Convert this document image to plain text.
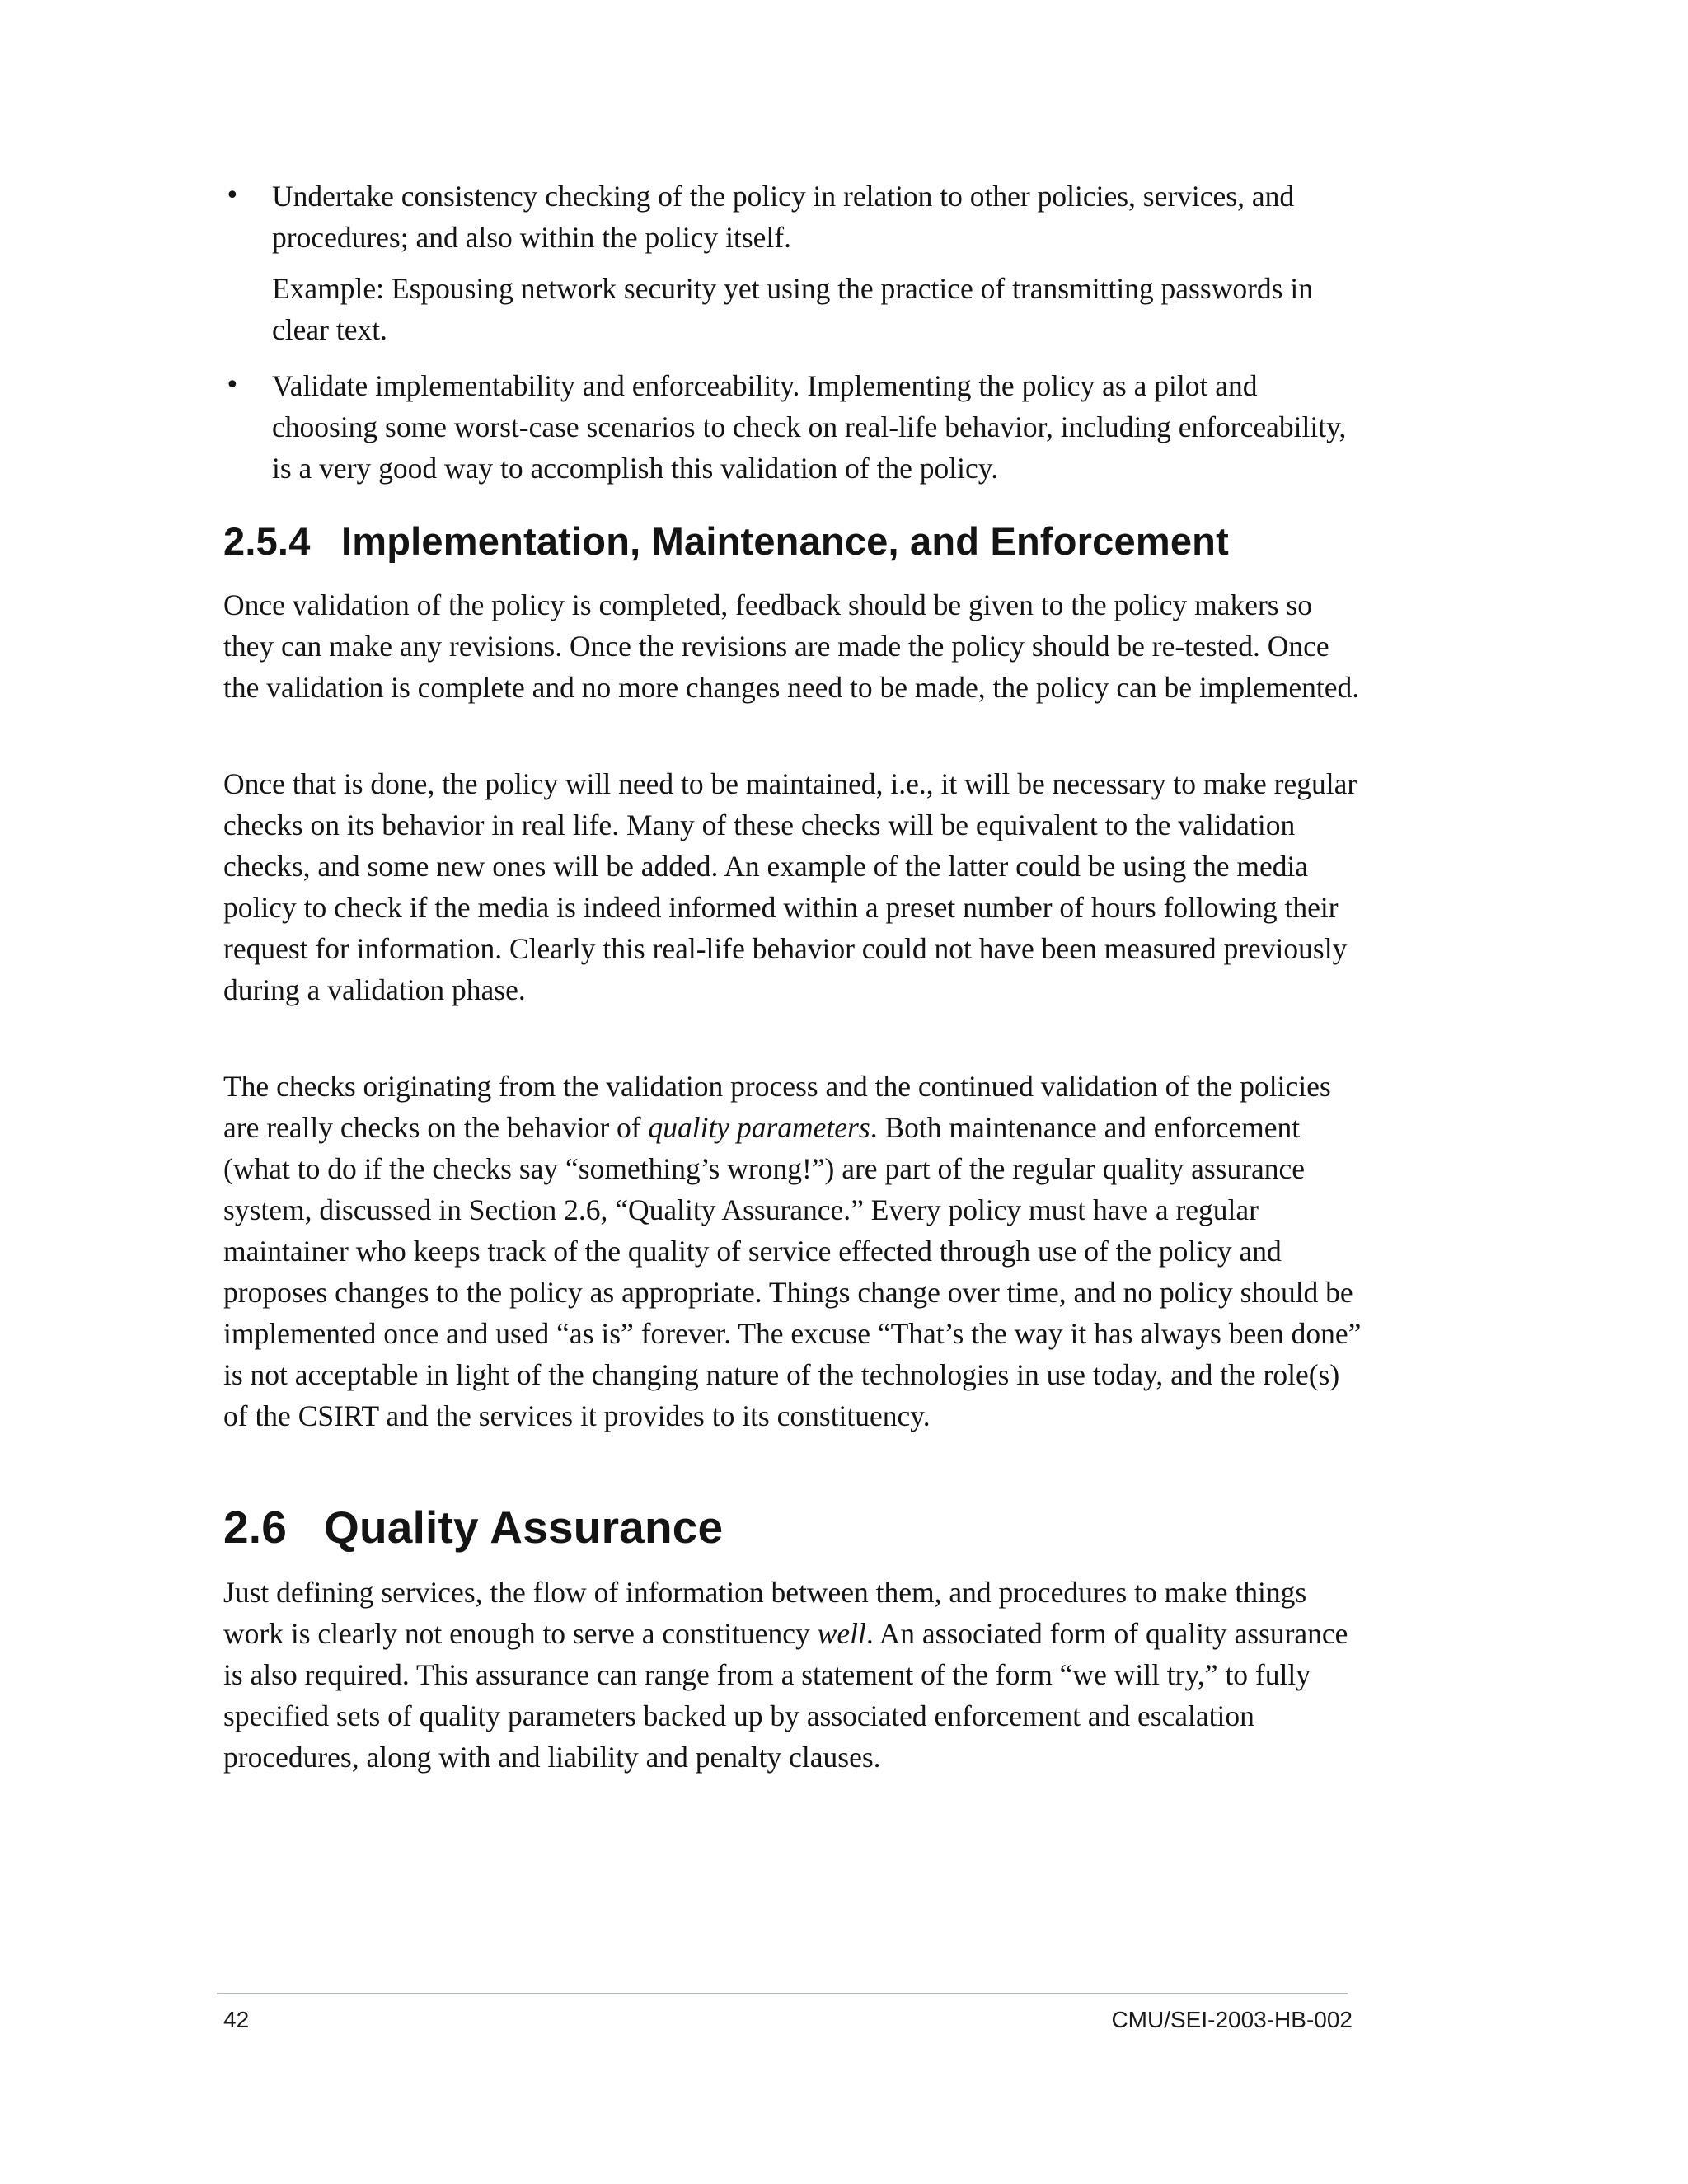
• Undertake consistency checking of the policy in relation to other policies, services, and procedures; and also within the policy itself.

Example: Espousing network security yet using the practice of transmitting passwords in clear text.

• Validate implementability and enforceability. Implementing the policy as a pilot and choosing some worst-case scenarios to check on real-life behavior, including enforceability, is a very good way to accomplish this validation of the policy.

2.5.4 Implementation, Maintenance, and Enforcement

Once validation of the policy is completed, feedback should be given to the policy makers so they can make any revisions. Once the revisions are made the policy should be re-tested. Once the validation is complete and no more changes need to be made, the policy can be implemented.

Once that is done, the policy will need to be maintained, i.e., it will be necessary to make regular checks on its behavior in real life. Many of these checks will be equivalent to the validation checks, and some new ones will be added. An example of the latter could be using the media policy to check if the media is indeed informed within a preset number of hours following their request for information. Clearly this real-life behavior could not have been measured previously during a validation phase.

The checks originating from the validation process and the continued validation of the policies are really checks on the behavior of quality parameters. Both maintenance and enforcement (what to do if the checks say “something’s wrong!”) are part of the regular quality assurance system, discussed in Section 2.6, “Quality Assurance.” Every policy must have a regular maintainer who keeps track of the quality of service effected through use of the policy and proposes changes to the policy as appropriate. Things change over time, and no policy should be implemented once and used “as is” forever. The excuse “That’s the way it has always been done” is not acceptable in light of the changing nature of the technologies in use today, and the role(s) of the CSIRT and the services it provides to its constituency.

2.6 Quality Assurance

Just defining services, the flow of information between them, and procedures to make things work is clearly not enough to serve a constituency well. An associated form of quality assurance is also required. This assurance can range from a statement of the form “we will try,” to fully specified sets of quality parameters backed up by associated enforcement and escalation procedures, along with and liability and penalty clauses.

42	CMU/SEI-2003-HB-002
